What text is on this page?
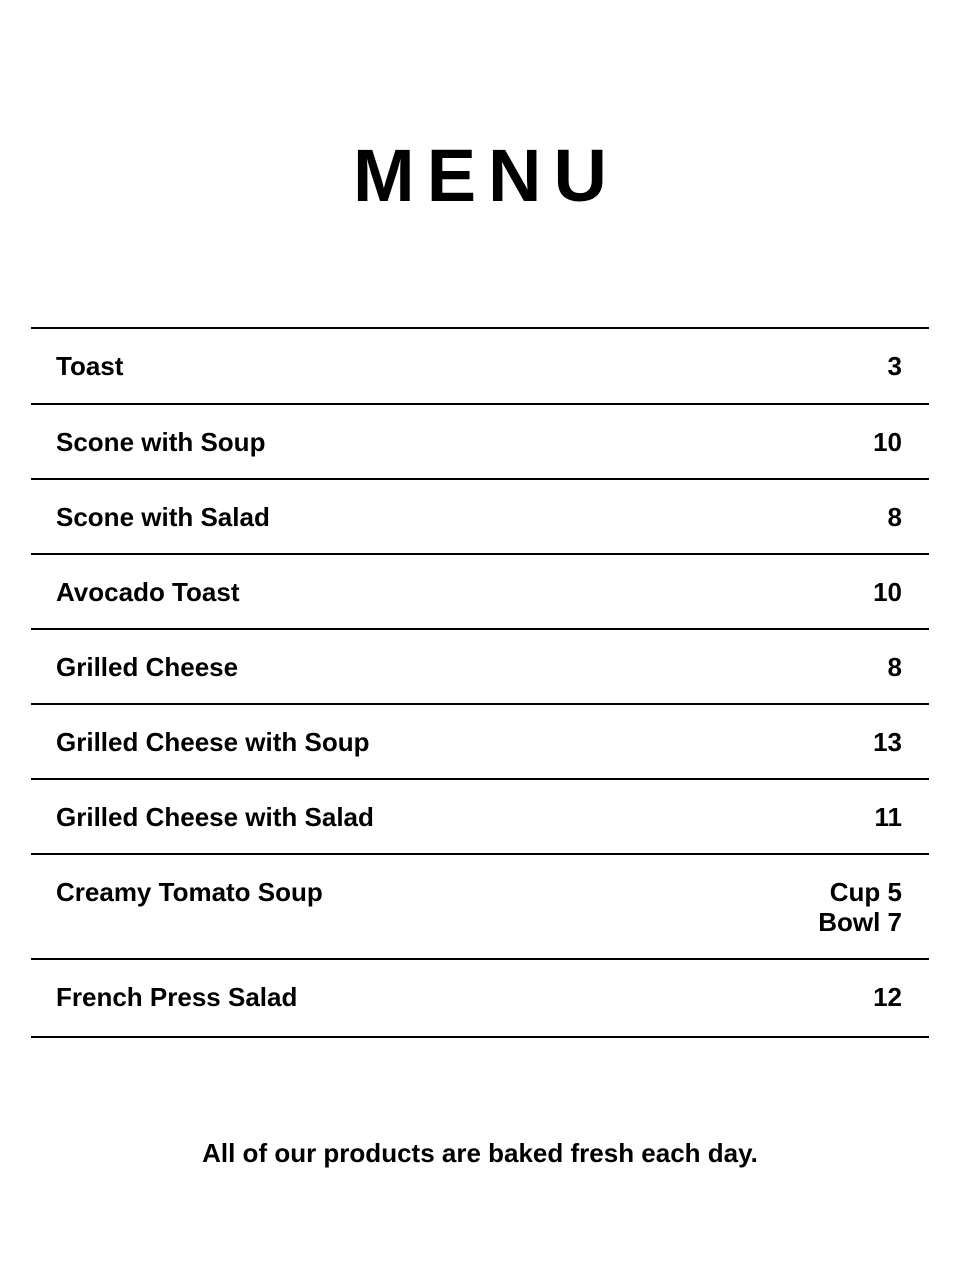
MENU
Toast	3
Scone with Soup	10
Scone with Salad	8
Avocado Toast	10
Grilled Cheese	8
Grilled Cheese with Soup	13
Grilled Cheese with Salad	11
Creamy Tomato Soup	Cup 5
Bowl 7
French Press Salad	12
All of our products are baked fresh each day.
